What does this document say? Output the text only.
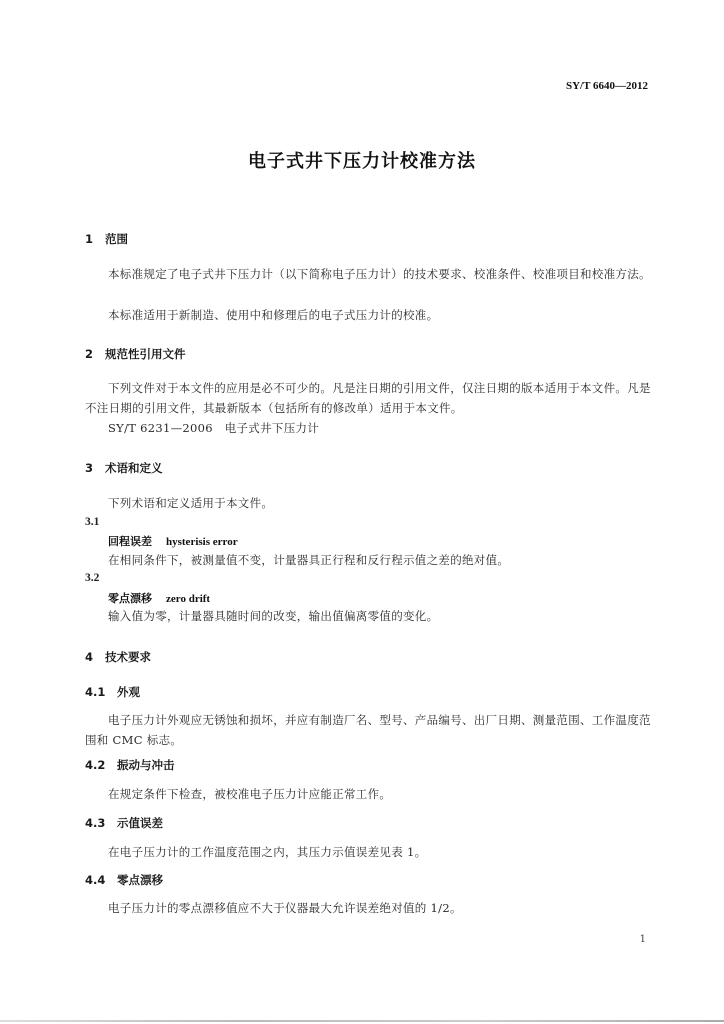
SY/T 6640—2012
电子式井下压力计校准方法
1 范围
本标准规定了电子式井下压力计（以下简称电子压力计）的技术要求、校准条件、校准项目和校准方法。
本标准适用于新制造、使用中和修理后的电子式压力计的校准。
2 规范性引用文件
下列文件对于本文件的应用是必不可少的。凡是注日期的引用文件，仅注日期的版本适用于本文件。凡是不注日期的引用文件，其最新版本（包括所有的修改单）适用于本文件。
SY/T 6231—2006　电子式井下压力计
3 术语和定义
下列术语和定义适用于本文件。
3.1
回程误差 hysterisis error
在相同条件下，被测量值不变，计量器具正行程和反行程示值之差的绝对值。
3.2
零点漂移 zero drift
输入值为零，计量器具随时间的改变，输出值偏离零值的变化。
4 技术要求
4.1 外观
电子压力计外观应无锈蚀和损坏，并应有制造厂名、型号、产品编号、出厂日期、测量范围、工作温度范围和 CMC 标志。
4.2 振动与冲击
在规定条件下检查，被校准电子压力计应能正常工作。
4.3 示值误差
在电子压力计的工作温度范围之内，其压力示值误差见表 1。
4.4 零点漂移
电子压力计的零点漂移值应不大于仪器最大允许误差绝对值的 1/2。
1
